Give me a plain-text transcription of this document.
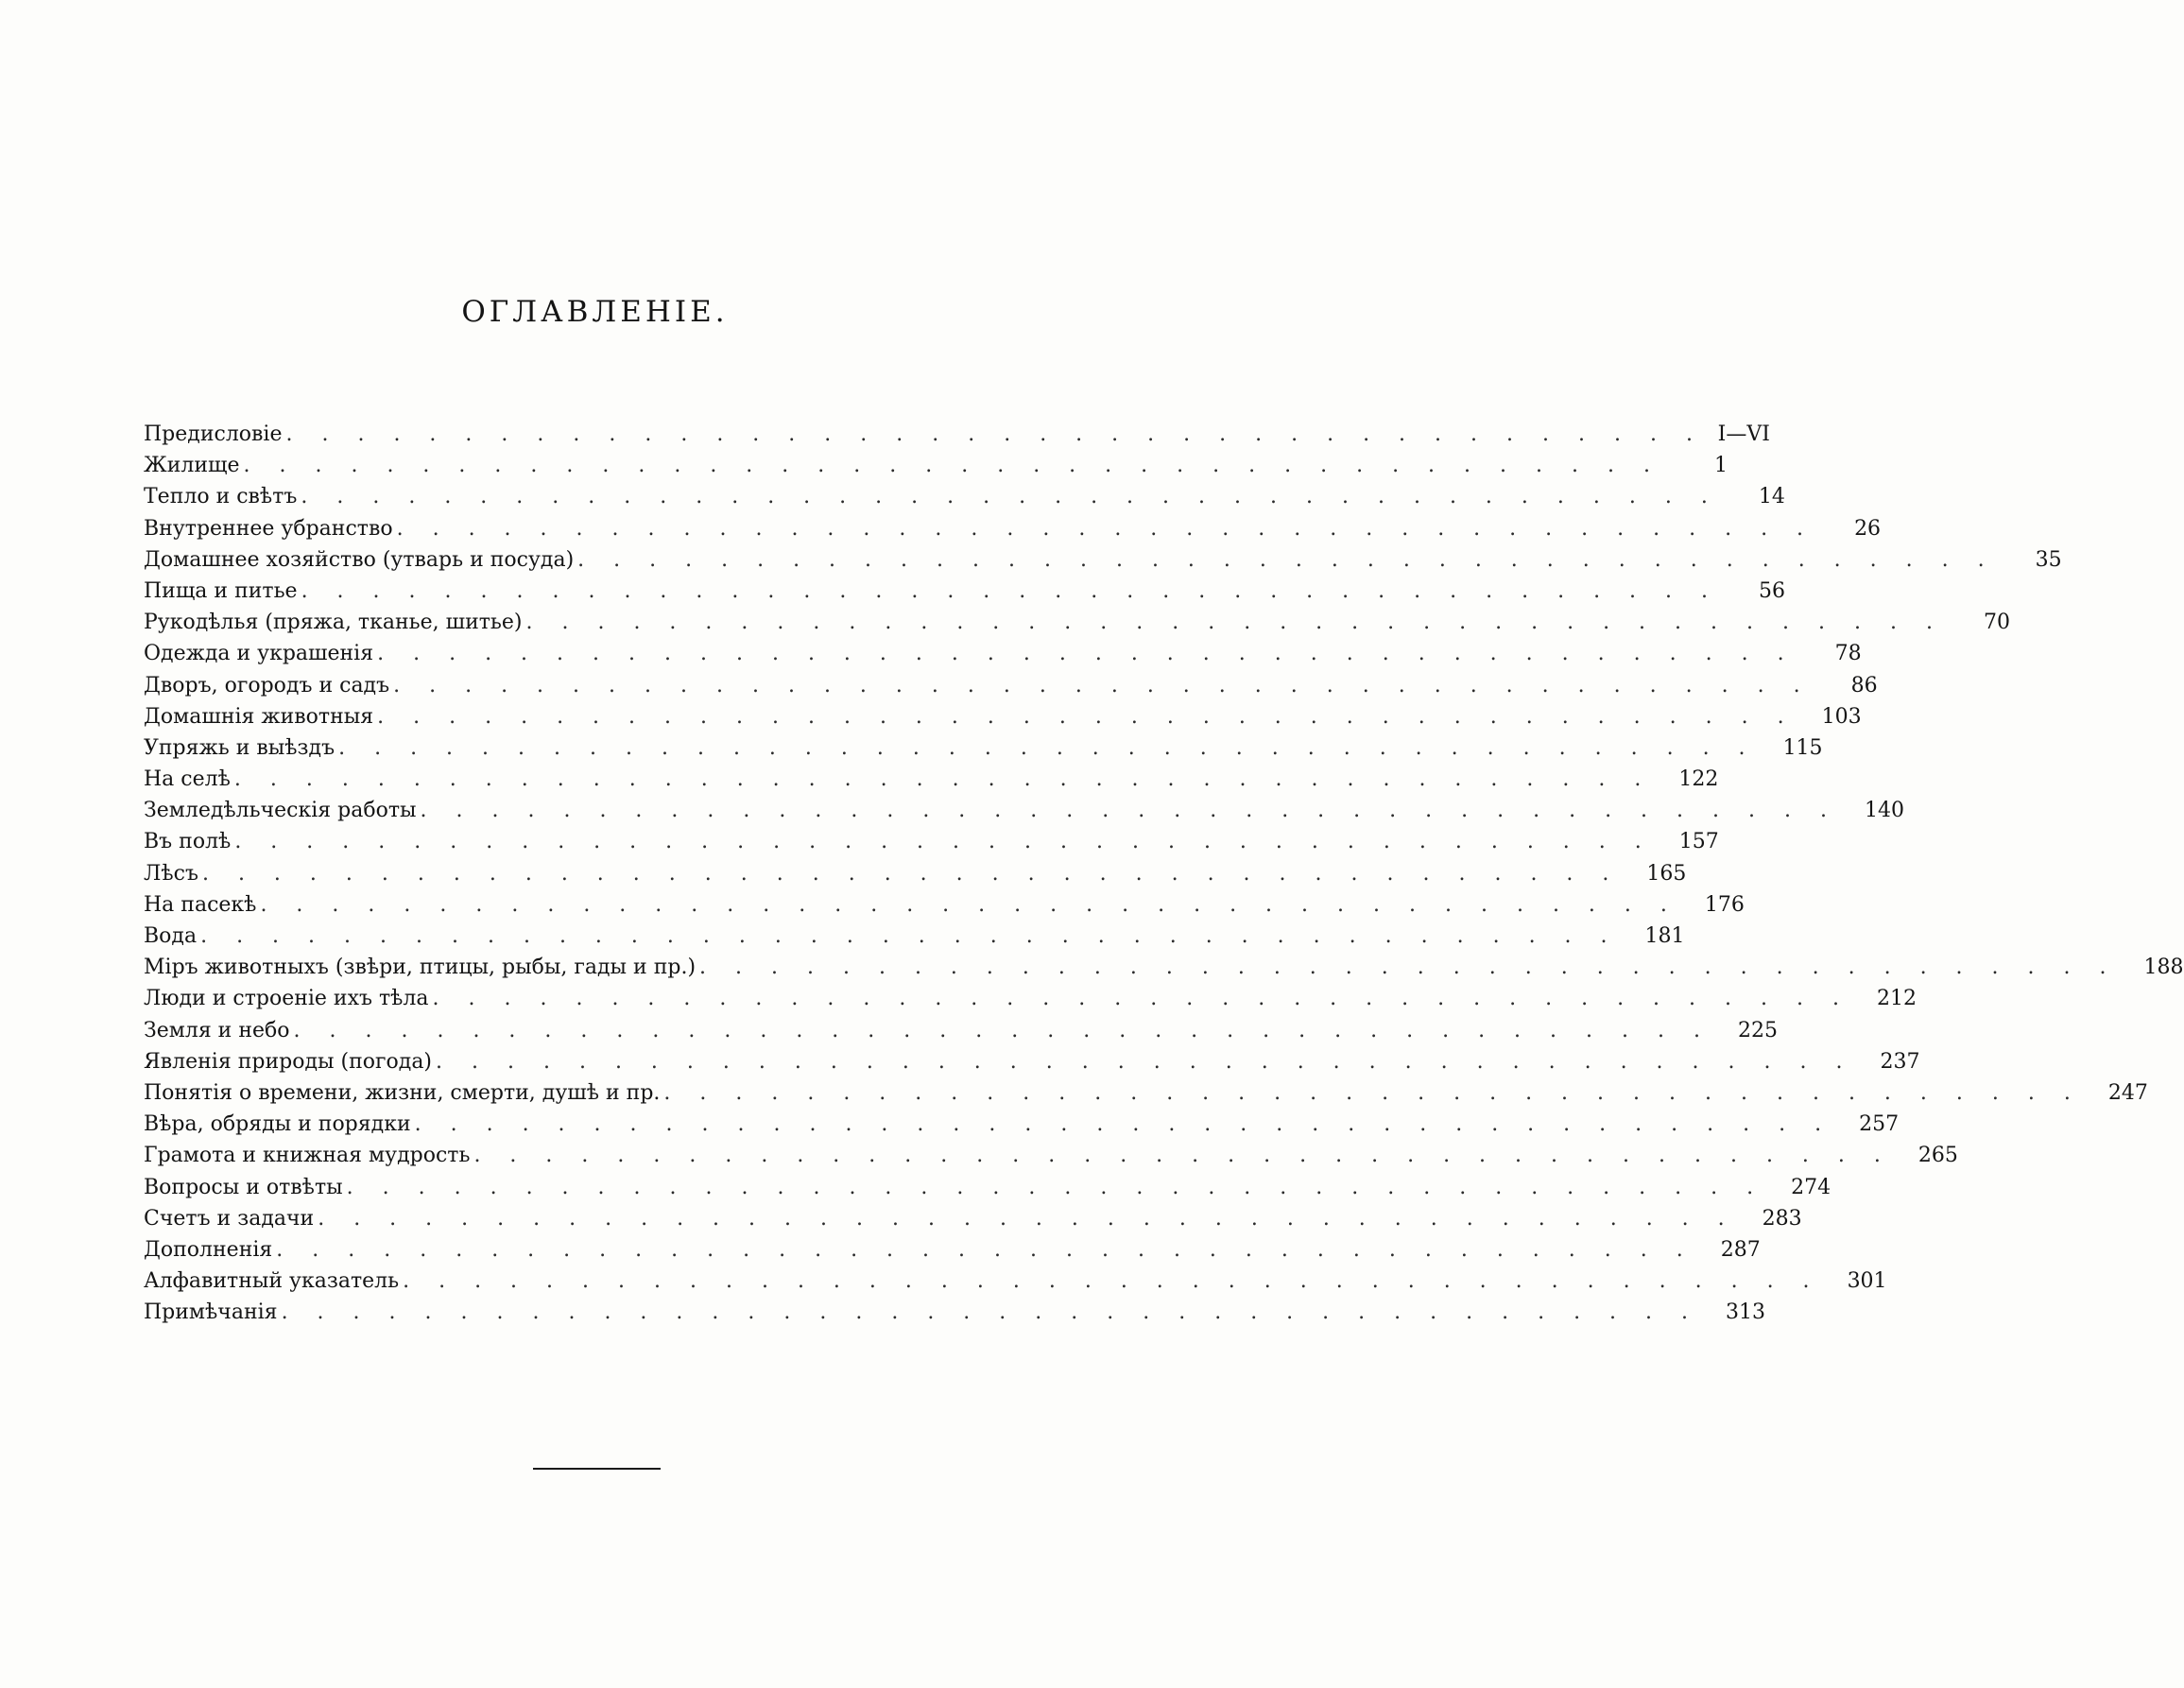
ОГЛАВЛЕНІЕ.
Предисловіе . . . . . . . . . . . . . . . . . . . . . . . . . . . . . . . . . . . . . . . . I—VI
Жилище . . . . . . . . . . . . . . . . . . . . . . . . . . . . . . . . . . . . . . . .	1
Тепло и свѣтъ . . . . . . . . . . . . . . . . . . . . . . . . . . . . . . . . . . . . . . . .	14
Внутреннее убранство . . . . . . . . . . . . . . . . . . . . . . . . . . . . . . . . . . . . . . . .	26
Домашнее хозяйство (утварь и посуда) . . . . . . . . . . . . . . . . . . . . . . . . . . . . . . . . . . . . . . . .	35
Пища и питье . . . . . . . . . . . . . . . . . . . . . . . . . . . . . . . . . . . . . . . .	56
Рукодѣлья (пряжа, тканье, шитье) . . . . . . . . . . . . . . . . . . . . . . . . . . . . . . . . . . . . . . . .	70
Одежда и украшенія . . . . . . . . . . . . . . . . . . . . . . . . . . . . . . . . . . . . . . . .	78
Дворъ, огородъ и садъ . . . . . . . . . . . . . . . . . . . . . . . . . . . . . . . . . . . . . . . .	86
Домашнія животныя . . . . . . . . . . . . . . . . . . . . . . . . . . . . . . . . . . . . . . . .	103
Упряжь и выѣздъ . . . . . . . . . . . . . . . . . . . . . . . . . . . . . . . . . . . . . . . .	115
На селѣ . . . . . . . . . . . . . . . . . . . . . . . . . . . . . . . . . . . . . . . .	122
Земледѣльческія работы . . . . . . . . . . . . . . . . . . . . . . . . . . . . . . . . . . . . . . . .	140
Въ полѣ . . . . . . . . . . . . . . . . . . . . . . . . . . . . . . . . . . . . . . . .	157
Лѣсъ . . . . . . . . . . . . . . . . . . . . . . . . . . . . . . . . . . . . . . . .	165
На пасекѣ . . . . . . . . . . . . . . . . . . . . . . . . . . . . . . . . . . . . . . . .	176
Вода . . . . . . . . . . . . . . . . . . . . . . . . . . . . . . . . . . . . . . . .	181
Міръ животныхъ (звѣри, птицы, рыбы, гады и пр.) . . . . . . . . . . . . . . . . . . . . . . . . . . . . . . . . . . . . . . . .	188
Люди и строеніе ихъ тѣла . . . . . . . . . . . . . . . . . . . . . . . . . . . . . . . . . . . . . . . .	212
Земля и небо . . . . . . . . . . . . . . . . . . . . . . . . . . . . . . . . . . . . . . . .	225
Явленія природы (погода) . . . . . . . . . . . . . . . . . . . . . . . . . . . . . . . . . . . . . . . .	237
Понятія о времени, жизни, смерти, душѣ и пр. . . . . . . . . . . . . . . . . . . . . . . . . . . . . . . . . . . . . . . . .	247
Вѣра, обряды и порядки . . . . . . . . . . . . . . . . . . . . . . . . . . . . . . . . . . . . . . . .	257
Грамота и книжная мудрость . . . . . . . . . . . . . . . . . . . . . . . . . . . . . . . . . . . . . . . .	265
Вопросы и отвѣты . . . . . . . . . . . . . . . . . . . . . . . . . . . . . . . . . . . . . . . .	274
Счетъ и задачи . . . . . . . . . . . . . . . . . . . . . . . . . . . . . . . . . . . . . . . .	283
Дополненія . . . . . . . . . . . . . . . . . . . . . . . . . . . . . . . . . . . . . . . .	287
Алфавитный указатель . . . . . . . . . . . . . . . . . . . . . . . . . . . . . . . . . . . . . . . .	301
Примѣчанія . . . . . . . . . . . . . . . . . . . . . . . . . . . . . . . . . . . . . . . .	313
